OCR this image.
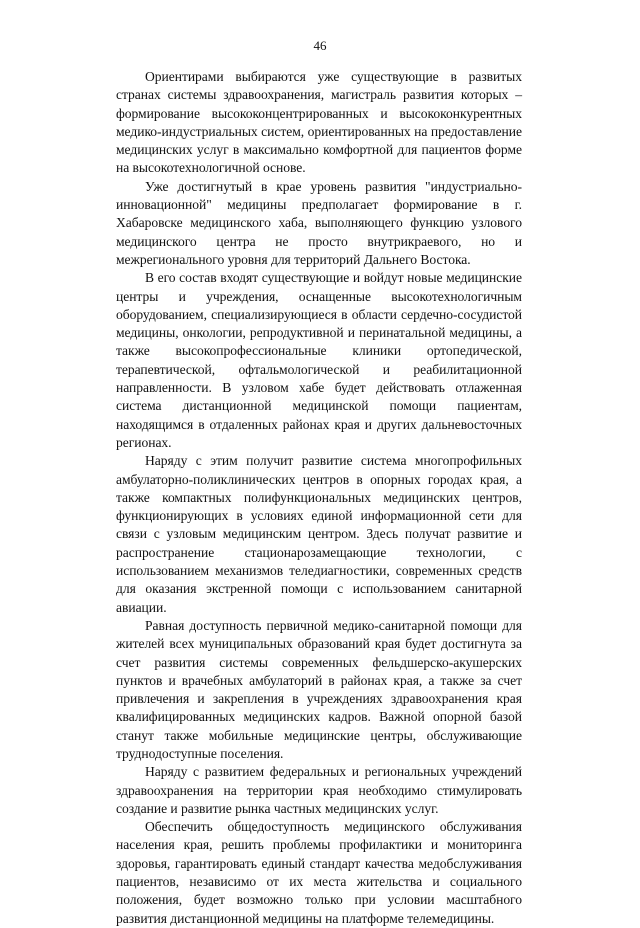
46

Ориентирами выбираются уже существующие в развитых странах системы здравоохранения, магистраль развития которых – формирование высококонцентрированных и высококонкурентных медико-индустриальных систем, ориентированных на предоставление медицинских услуг в максимально комфортной для пациентов форме на высокотехнологичной основе.

Уже достигнутый в крае уровень развития "индустриально-инновационной" медицины предполагает формирование в г. Хабаровске медицинского хаба, выполняющего функцию узлового медицинского центра не просто внутрикраевого, но и межрегионального уровня для территорий Дальнего Востока.

В его состав входят существующие и войдут новые медицинские центры и учреждения, оснащенные высокотехнологичным оборудованием, специализирующиеся в области сердечно-сосудистой медицины, онкологии, репродуктивной и перинатальной медицины, а также высокопрофессиональные клиники ортопедической, терапевтической, офтальмологической и реабилитационной направленности. В узловом хабе будет действовать отлаженная система дистанционной медицинской помощи пациентам, находящимся в отдаленных районах края и других дальневосточных регионах.

Наряду с этим получит развитие система многопрофильных амбулаторно-поликлинических центров в опорных городах края, а также компактных полифункциональных медицинских центров, функционирующих в условиях единой информационной сети для связи с узловым медицинским центром. Здесь получат развитие и распространение стационарозамещающие технологии, с использованием механизмов теледиагностики, современных средств для оказания экстренной помощи с использованием санитарной авиации.

Равная доступность первичной медико-санитарной помощи для жителей всех муниципальных образований края будет достигнута за счет развития системы современных фельдшерско-акушерских пунктов и врачебных амбулаторий в районах края, а также за счет привлечения и закрепления в учреждениях здравоохранения края квалифицированных медицинских кадров. Важной опорной базой станут также мобильные медицинские центры, обслуживающие труднодоступные поселения.

Наряду с развитием федеральных и региональных учреждений здравоохранения на территории края необходимо стимулировать создание и развитие рынка частных медицинских услуг.

Обеспечить общедоступность медицинского обслуживания населения края, решить проблемы профилактики и мониторинга здоровья, гарантировать единый стандарт качества медобслуживания пациентов, независимо от их места жительства и социального положения, будет возможно только при условии масштабного развития дистанционной медицины на платформе телемедицины.
